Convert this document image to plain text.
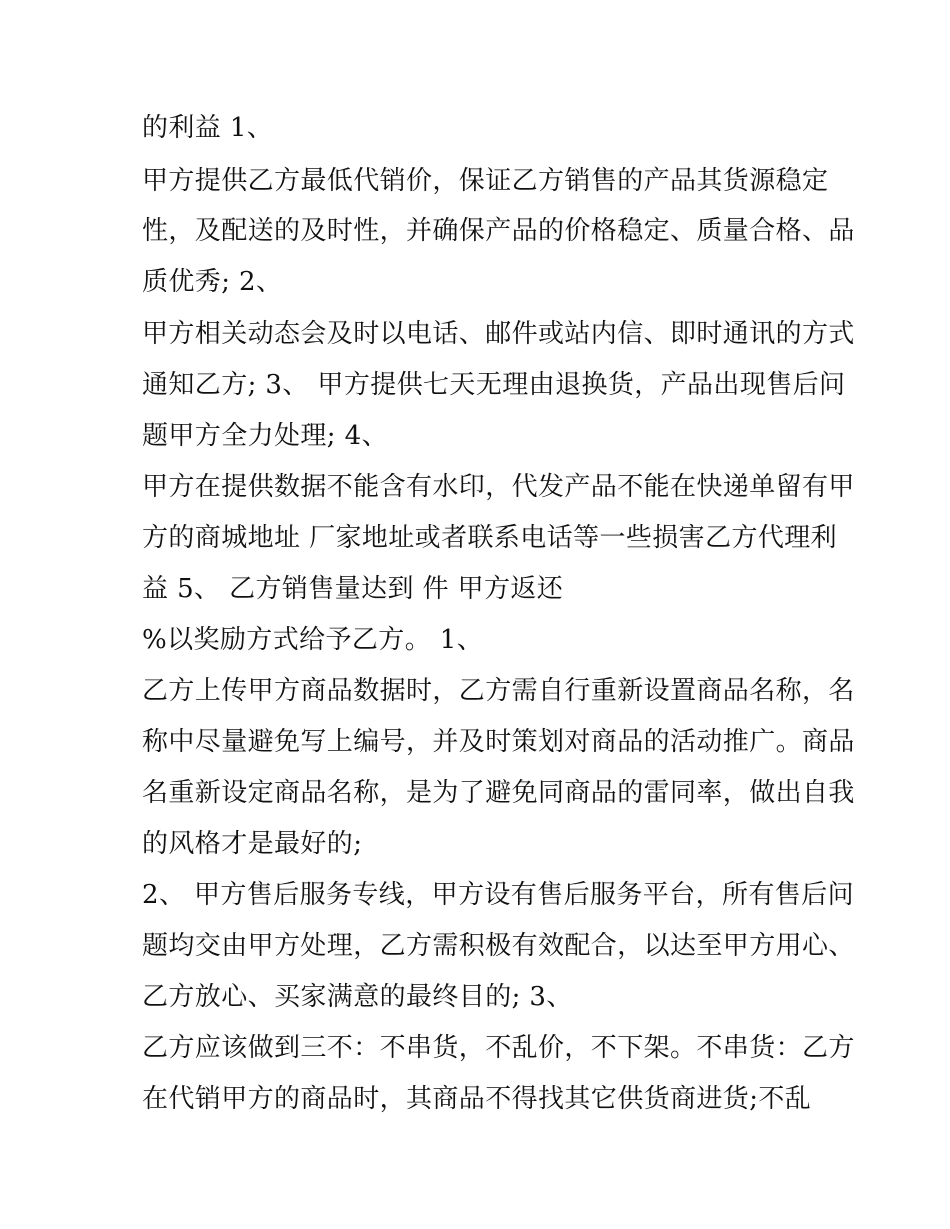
的利益 1、

甲方提供乙方最低代销价，保证乙方销售的产品其货源稳定

性，及配送的及时性，并确保产品的价格稳定、质量合格、品

质优秀; 2、

甲方相关动态会及时以电话、邮件或站内信、即时通讯的方式

通知乙方; 3、 甲方提供七天无理由退换货，产品出现售后问

题甲方全力处理; 4、

甲方在提供数据不能含有水印，代发产品不能在快递单留有甲

方的商城地址 厂家地址或者联系电话等一些损害乙方代理利

益 5、 乙方销售量达到 件 甲方返还

%以奖励方式给予乙方。 1、

乙方上传甲方商品数据时，乙方需自行重新设置商品名称，名

称中尽量避免写上编号，并及时策划对商品的活动推广。商品

名重新设定商品名称，是为了避免同商品的雷同率，做出自我

的风格才是最好的;

2、 甲方售后服务专线，甲方设有售后服务平台，所有售后问

题均交由甲方处理，乙方需积极有效配合，以达至甲方用心、

乙方放心、买家满意的最终目的; 3、

乙方应该做到三不：不串货，不乱价，不下架。不串货：乙方

在代销甲方的商品时，其商品不得找其它供货商进货;不乱
